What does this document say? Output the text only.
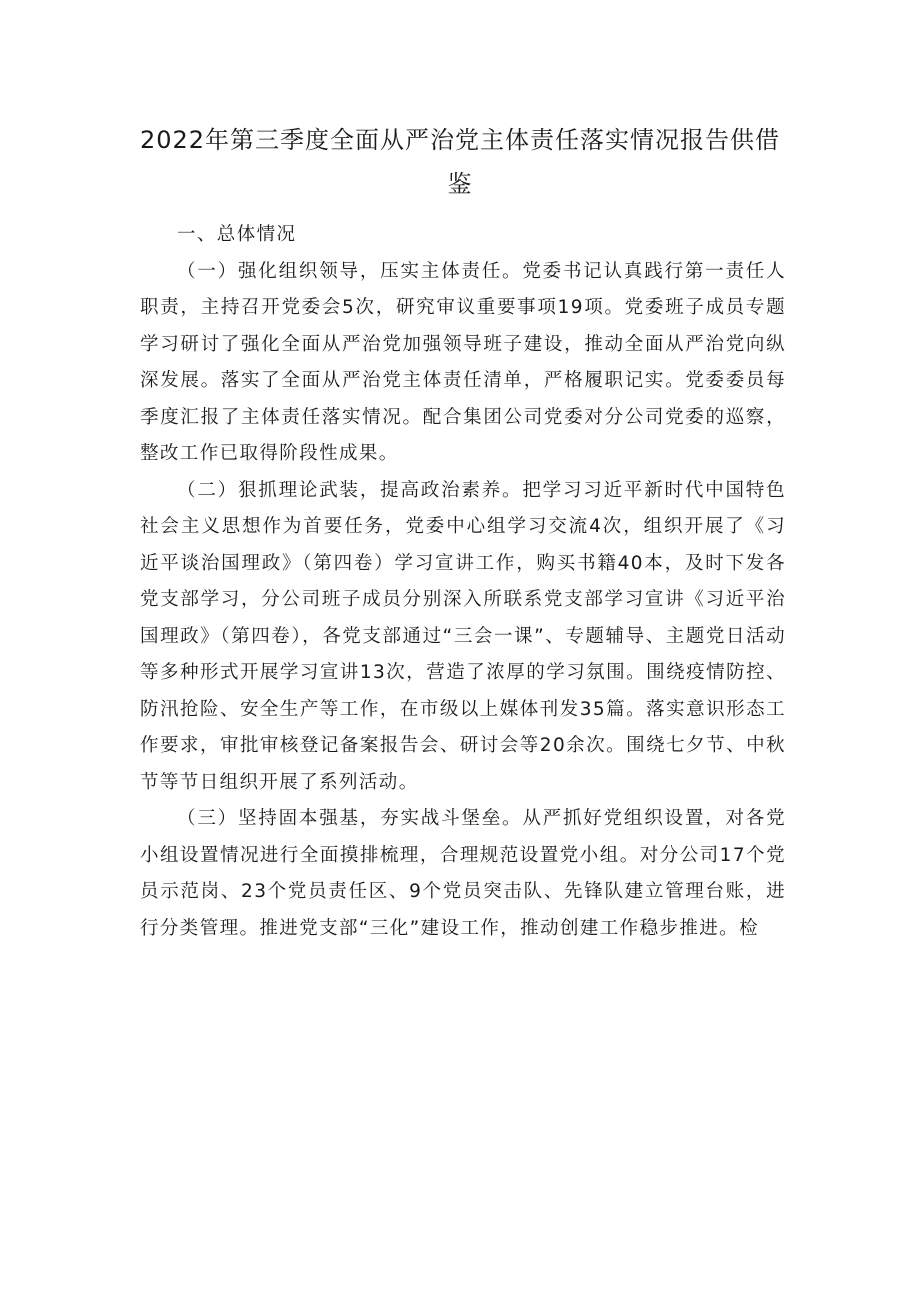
2022年第三季度全面从严治党主体责任落实情况报告供借鉴

一、总体情况

（一）强化组织领导，压实主体责任。党委书记认真践行第一责任人职责，主持召开党委会5次，研究审议重要事项19项。党委班子成员专题学习研讨了强化全面从严治党加强领导班子建设，推动全面从严治党向纵深发展。落实了全面从严治党主体责任清单，严格履职记实。党委委员每季度汇报了主体责任落实情况。配合集团公司党委对分公司党委的巡察，整改工作已取得阶段性成果。

（二）狠抓理论武装，提高政治素养。把学习习近平新时代中国特色社会主义思想作为首要任务，党委中心组学习交流4次，组织开展了《习近平谈治国理政》（第四卷）学习宣讲工作，购买书籍40本，及时下发各党支部学习，分公司班子成员分别深入所联系党支部学习宣讲《习近平治国理政》（第四卷），各党支部通过“三会一课”、专题辅导、主题党日活动等多种形式开展学习宣讲13次，营造了浓厚的学习氛围。围绕疫情防控、防汛抢险、安全生产等工作，在市级以上媒体刊发35篇。落实意识形态工作要求，审批审核登记备案报告会、研讨会等20余次。围绕七夕节、中秋节等节日组织开展了系列活动。

（三）坚持固本强基，夯实战斗堡垒。从严抓好党组织设置，对各党小组设置情况进行全面摸排梳理，合理规范设置党小组。对分公司17个党员示范岗、23个党员责任区、9个党员突击队、先锋队建立管理台账，进行分类管理。推进党支部“三化”建设工作，推动创建工作稳步推进。检
